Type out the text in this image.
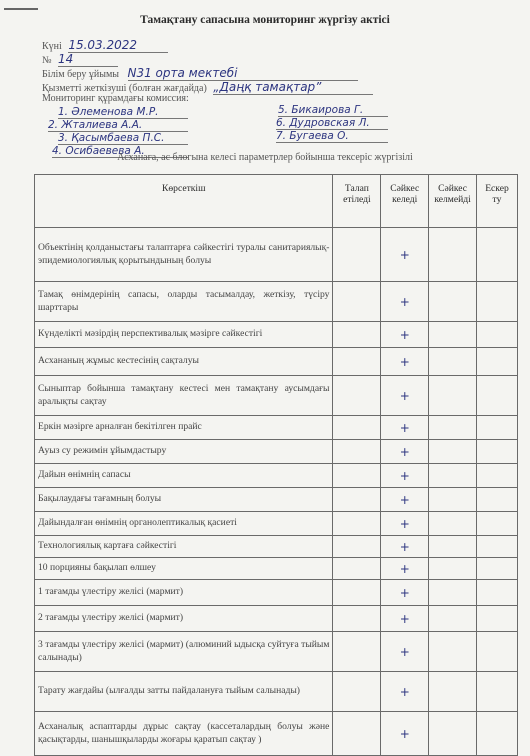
Тамақтану сапасына мониторинг жүргізу актісі
Күні 15.03.2022
№ 14
Білім беру ұйымы N31 орта мектебі
Қызметті жеткізуші (болған жағдайда) „Даңқ тамақтар”
Мониторинг құрамдағы комиссия:
1. Әлеменова М.Р.	5. Бикаирова Г.
2. Жталиева А.А.	6. Дудровская Л.
3. Қасымбаева П.С.	7. Бугаева О.
4. Осибаевева А.
Асханаға, ас блогына келесі параметрлер бойынша тексеріс жүргізілі
Көрсеткіш	Талап етіледі	Сәйкес келеді	Сәйкес келмейді	Ескер ту
Объектінің қолданыстағы талаптарға сәйкестігі туралы санитариялық-эпидемиологиялық қорытындының болуы		+		
Тамақ өнімдерінің сапасы, оларды тасымалдау, жеткізу, түсіру шарттары		+		
Күнделікті мәзірдің перспективалық мәзірге сәйкестігі		+		
Асхананың жұмыс кестесінің сақталуы		+		
Сыныптар бойынша тамақтану кестесі мен тамақтану аусымдағы аралықты сақтау		+		
Еркін мәзірге арналған бекітілген прайс		+		
Ауыз су режимін ұйымдастыру		+		
Дайын өнімнің сапасы		+		
Бақылаудағы тағамның болуы		+		
Дайындалған өнімнің органолептикалық қасиеті		+		
Технологиялық картаға сәйкестігі		+		
10 порцияны бақылап өлшеу		+		
1 тағамды үлестіру желісі (мармит)		+		
2 тағамды үлестіру желісі (мармит)		+		
3 тағамды үлестіру желісі (мармит) (алюминий ыдысқа суйтуға тыйым салынады)		+		
Тарату жағдайы (ылғалды затты пайдалануға тыйым салынады)		+		
Асханалық аспаптарды дұрыс сақтау (кассеталардың болуы және қасықтарды, шанышқыларды жоғары қаратып сақтау )		+		
